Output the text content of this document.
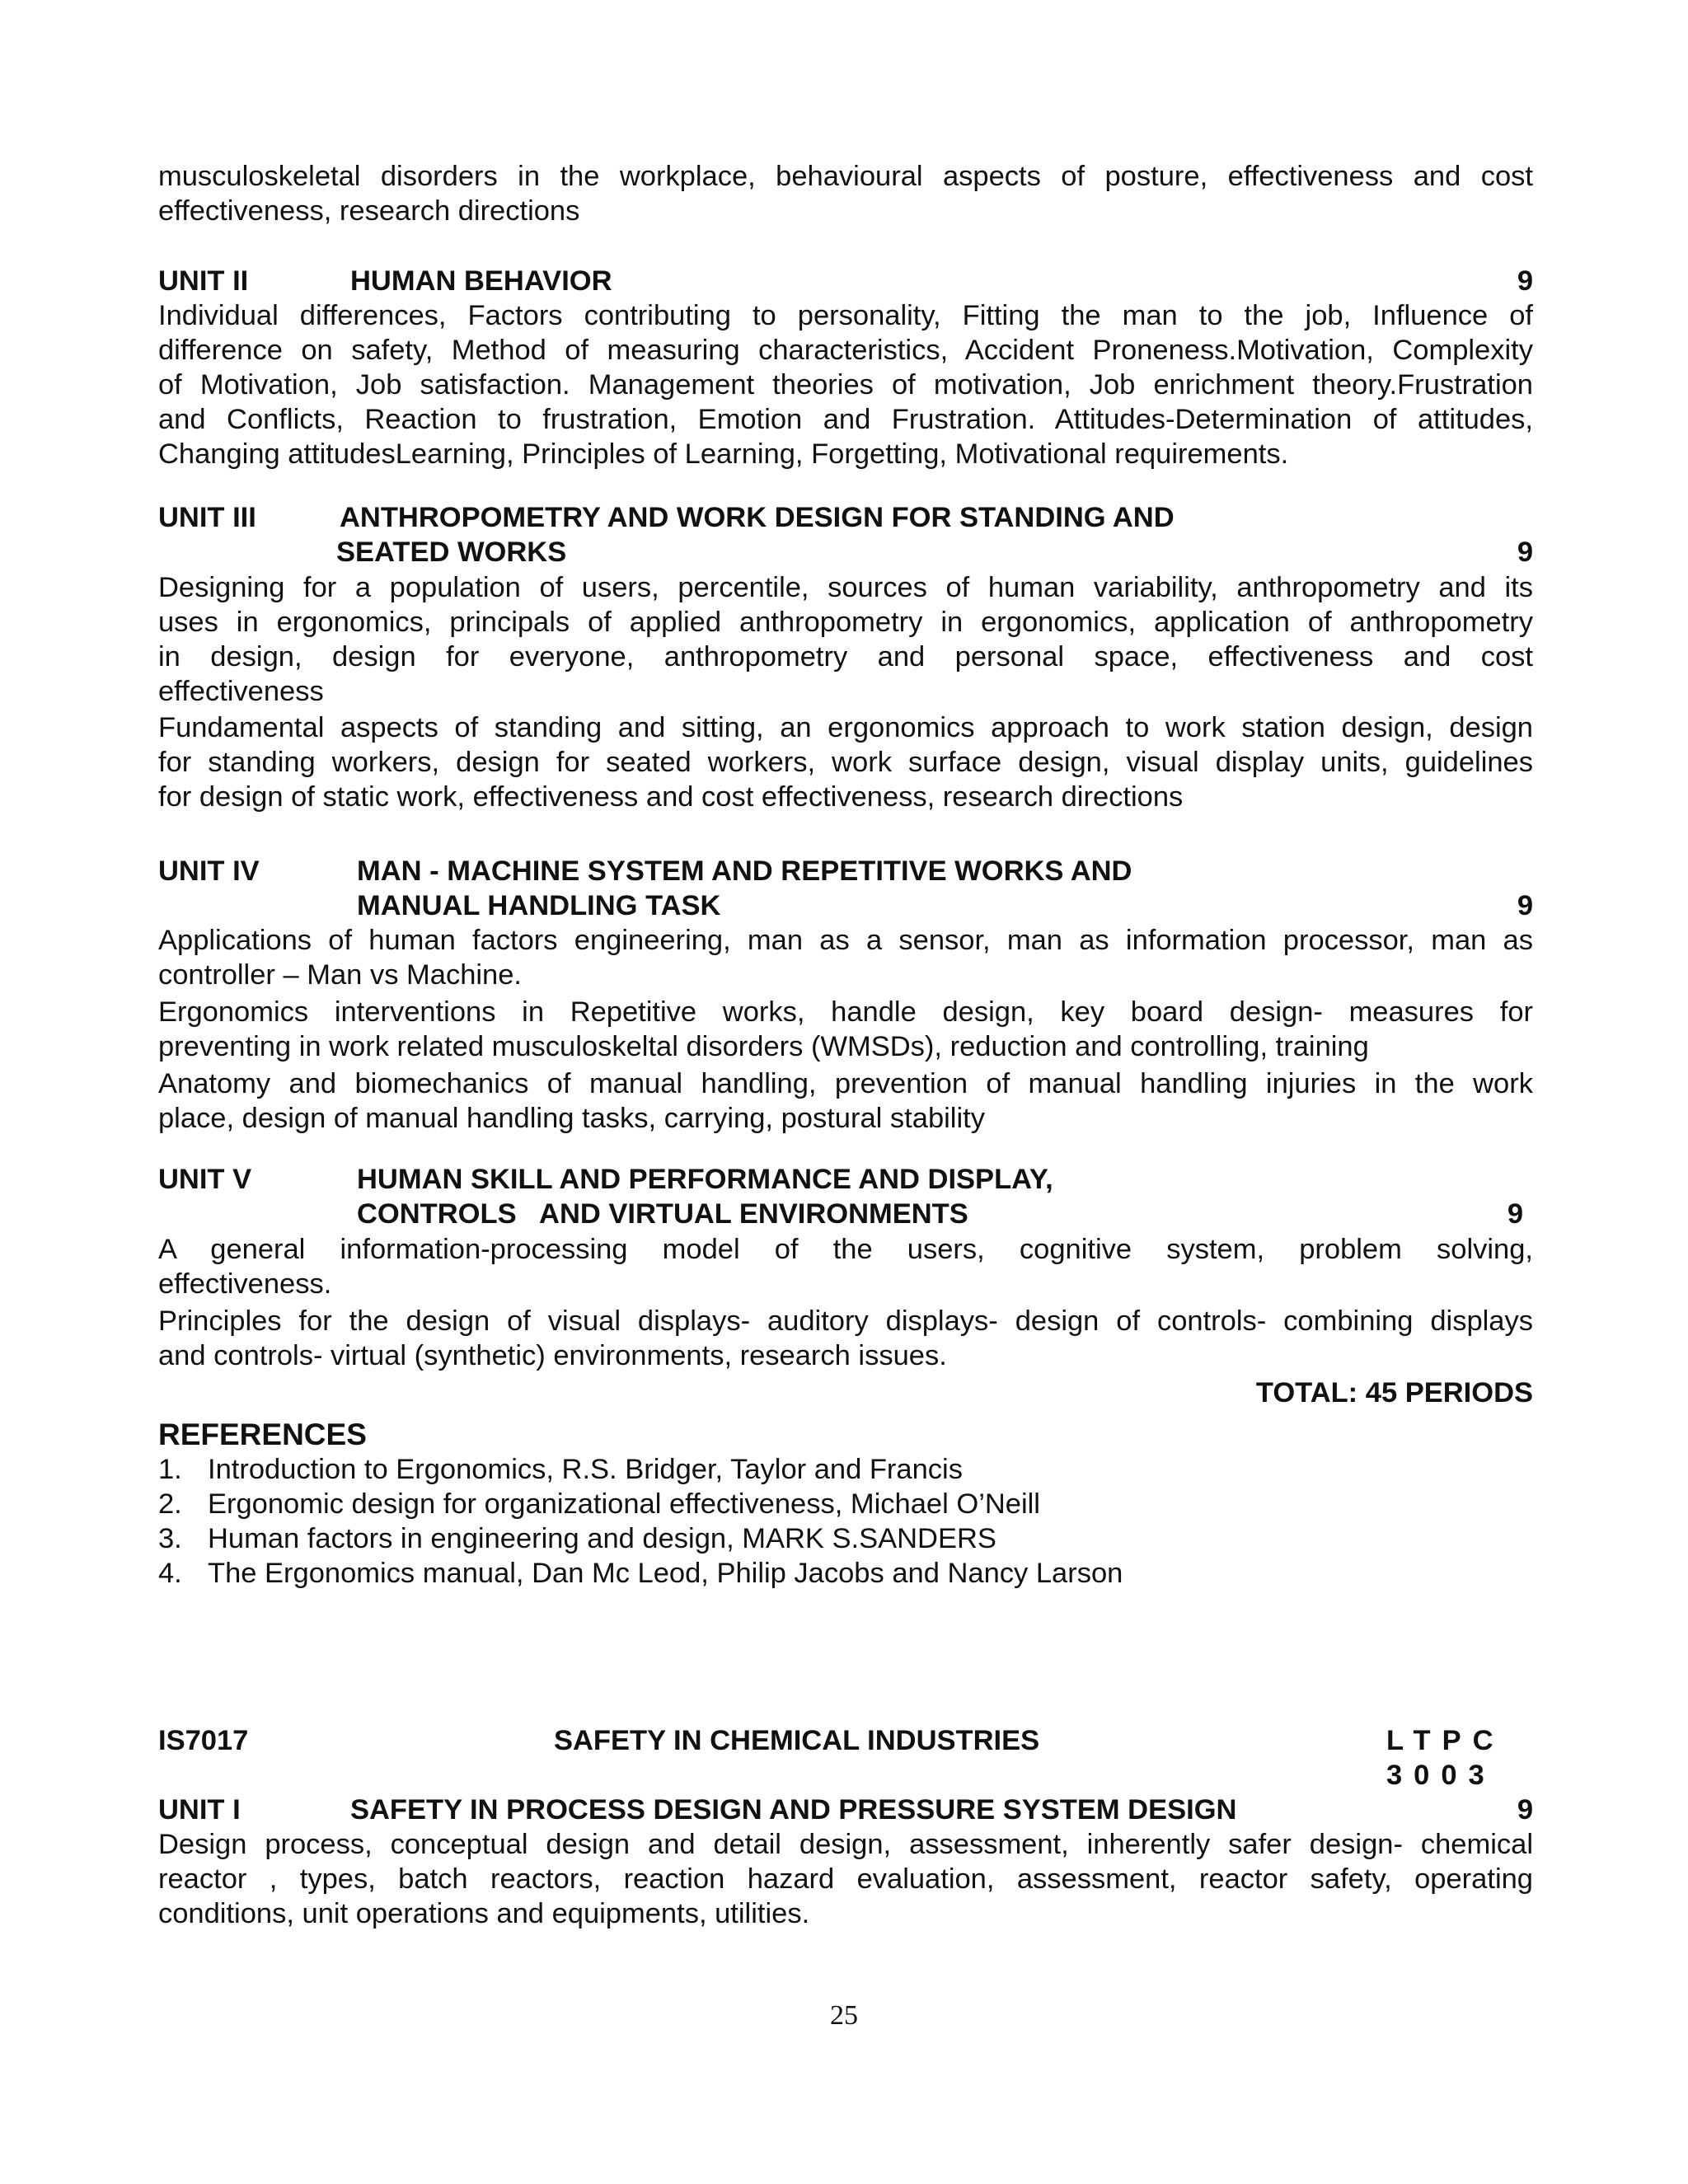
musculoskeletal disorders in the workplace, behavioural aspects of posture, effectiveness and cost
effectiveness, research directions
UNIT II	HUMAN BEHAVIOR	9
Individual differences, Factors contributing to personality, Fitting the man to the job, Influence of
difference on safety, Method of measuring characteristics, Accident Proneness.Motivation, Complexity
of Motivation, Job satisfaction. Management theories of motivation, Job enrichment theory.Frustration
and Conflicts, Reaction to frustration, Emotion and Frustration. Attitudes-Determination of attitudes,
Changing attitudesLearning, Principles of Learning, Forgetting, Motivational requirements.
UNIT III	ANTHROPOMETRY AND WORK DESIGN FOR STANDING AND
SEATED WORKS	9
Designing for a population of users, percentile, sources of human variability, anthropometry and its
uses in ergonomics, principals of applied anthropometry in ergonomics, application of anthropometry
in design, design for everyone, anthropometry and personal space, effectiveness and cost
effectiveness
Fundamental aspects of standing and sitting, an ergonomics approach to work station design, design
for standing workers, design for seated workers, work surface design, visual display units, guidelines
for design of static work, effectiveness and cost effectiveness, research directions
UNIT IV	MAN - MACHINE SYSTEM AND REPETITIVE WORKS AND
MANUAL HANDLING TASK	9
Applications of human factors engineering, man as a sensor, man as information processor, man as
controller – Man vs Machine.
Ergonomics interventions in Repetitive works, handle design, key board design- measures for
preventing in work related musculoskeltal disorders (WMSDs), reduction and controlling, training
Anatomy and biomechanics of manual handling, prevention of manual handling injuries in the work
place, design of manual handling tasks, carrying, postural stability
UNIT V	HUMAN SKILL AND PERFORMANCE AND DISPLAY,
CONTROLS   AND VIRTUAL ENVIRONMENTS	9
A general information-processing model of the users, cognitive system, problem solving,
effectiveness.
Principles for the design of visual displays- auditory displays- design of controls- combining displays
and controls- virtual (synthetic) environments, research issues.
TOTAL: 45 PERIODS
REFERENCES
1. Introduction to Ergonomics, R.S. Bridger, Taylor and Francis
2. Ergonomic design for organizational effectiveness, Michael O’Neill
3. Human factors in engineering and design, MARK S.SANDERS
4. The Ergonomics manual, Dan Mc Leod, Philip Jacobs and Nancy Larson
IS7017	SAFETY IN CHEMICAL INDUSTRIES	LTPC
3003
UNIT I	SAFETY IN PROCESS DESIGN AND PRESSURE SYSTEM DESIGN	9
Design process, conceptual design and detail design, assessment, inherently safer design- chemical
reactor , types, batch reactors, reaction hazard evaluation, assessment, reactor safety, operating
conditions, unit operations and equipments, utilities.
25
